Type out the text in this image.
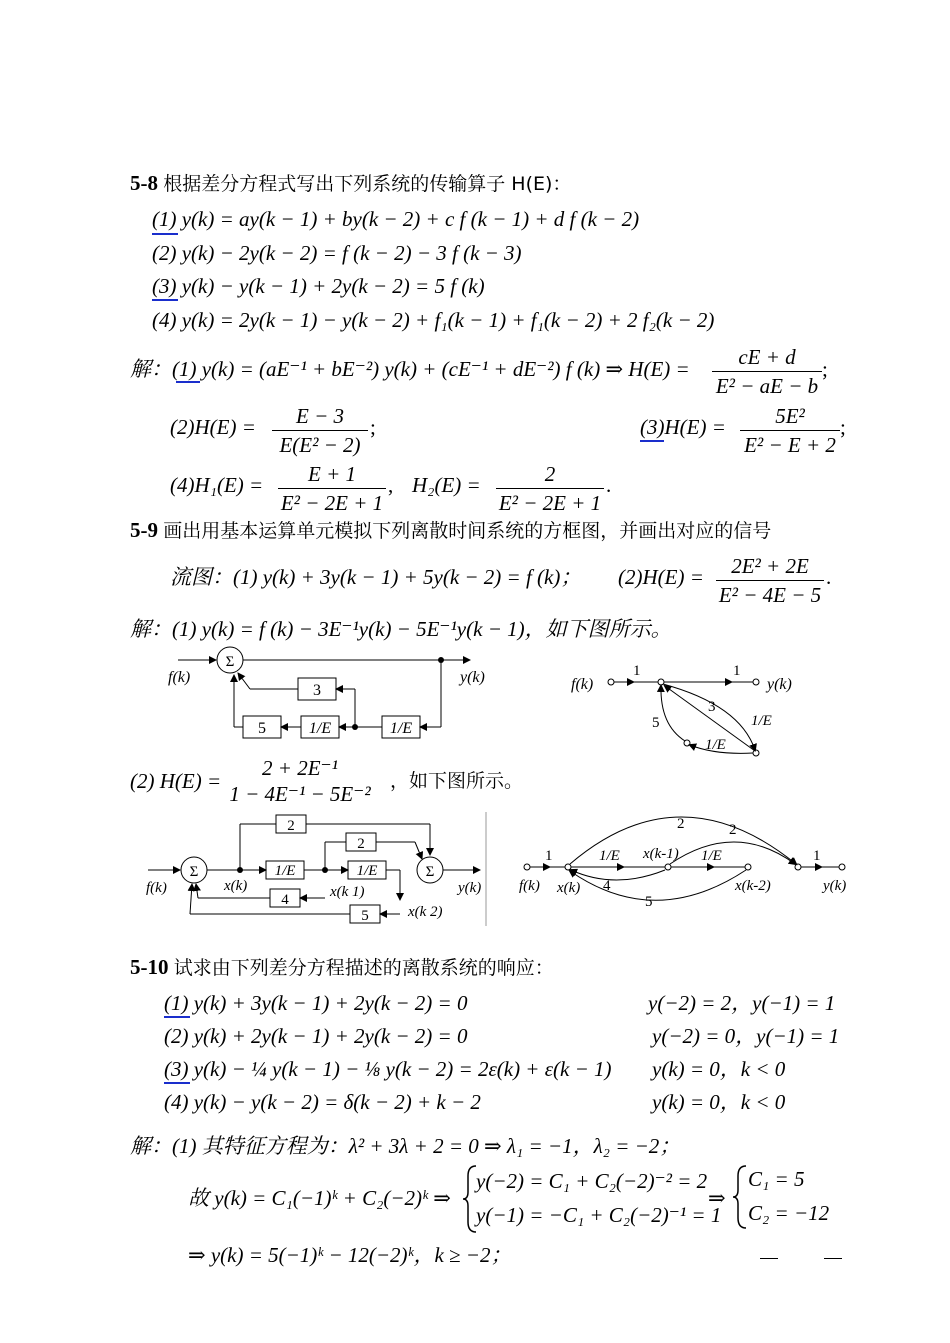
5-8 根据差分方程式写出下列系统的传输算子 H(E)：
(1) y(k) = ay(k − 1) + by(k − 2) + c f (k − 1) + d f (k − 2)
(2) y(k) − 2y(k − 2) = f (k − 2) − 3 f (k − 3)
(3) y(k) − y(k − 1) + 2y(k − 2) = 5 f (k)
(4) y(k) = 2y(k − 1) − y(k − 2) + f₁(k − 1) + f₁(k − 2) + 2 f₂(k − 2)
解：(1) y(k) = (aE⁻¹ + bE⁻²) y(k) + (cE⁻¹ + dE⁻²) f (k) ⇒ H(E) =	cE + d
E² − aE − b
;
(2)H(E) =	E − 3
E(E² − 2)
;	(3)H(E) =	5E²
E² − E + 2
;
(4)H₁(E) =	E + 1
E² − 2E + 1
, H₂(E) =	2
E² − 2E + 1
.
5-9 画出用基本运算单元模拟下列离散时间系统的方框图，并画出对应的信号
流图：(1) y(k) + 3y(k − 1) + 5y(k − 2) = f (k)； (2)H(E) =	2E² + 2E
E² − 4E − 5
.
解：(1) y(k) = f (k) − 3E⁻¹y(k) − 5E⁻¹y(k − 1)，如下图所示。
Σ
1/E
1/E
5
3
f(k)	y(k)	f(k)
1	1
y(k)
1/E
1/E
3
5
(2) H(E) =
2 + 2E⁻¹
1 − 4E⁻¹ − 5E⁻²
，如下图所示。
Σ	1/E	1/E	Σ
2
2
4
5
f(k)	x(k)	x(k 1)
x(k 2)
y(k)
1	1/E	1/E	1
2	2
4
5
f(k) x(k)
x(k-1)
x(k-2)	y(k)
5-10 试求由下列差分方程描述的离散系统的响应：
(1) y(k) + 3y(k − 1) + 2y(k − 2) = 0	y(−2) = 2，y(−1) = 1
(2) y(k) + 2y(k − 1) + 2y(k − 2) = 0	y(−2) = 0，y(−1) = 1
(3) y(k) − ¼ y(k − 1) − ⅛ y(k − 2) = 2ε(k) + ε(k − 1) y(k) = 0，k < 0
(4) y(k) − y(k − 2) = δ(k − 2) + k − 2	y(k) = 0，k < 0
解：(1) 其特征方程为：λ² + 3λ + 2 = 0 ⇒ λ₁ = −1，λ₂ = −2；
故 y(k) = C₁(−1)ᵏ + C₂(−2)ᵏ ⇒
y(−2) = C₁ + C₂(−2)⁻² = 2
y(−1) = −C₁ + C₂(−2)⁻¹ = 1
⇒
C₁ = 5
C₂ = −12
⇒ y(k) = 5(−1)ᵏ − 12(−2)ᵏ，k ≥ −2；
